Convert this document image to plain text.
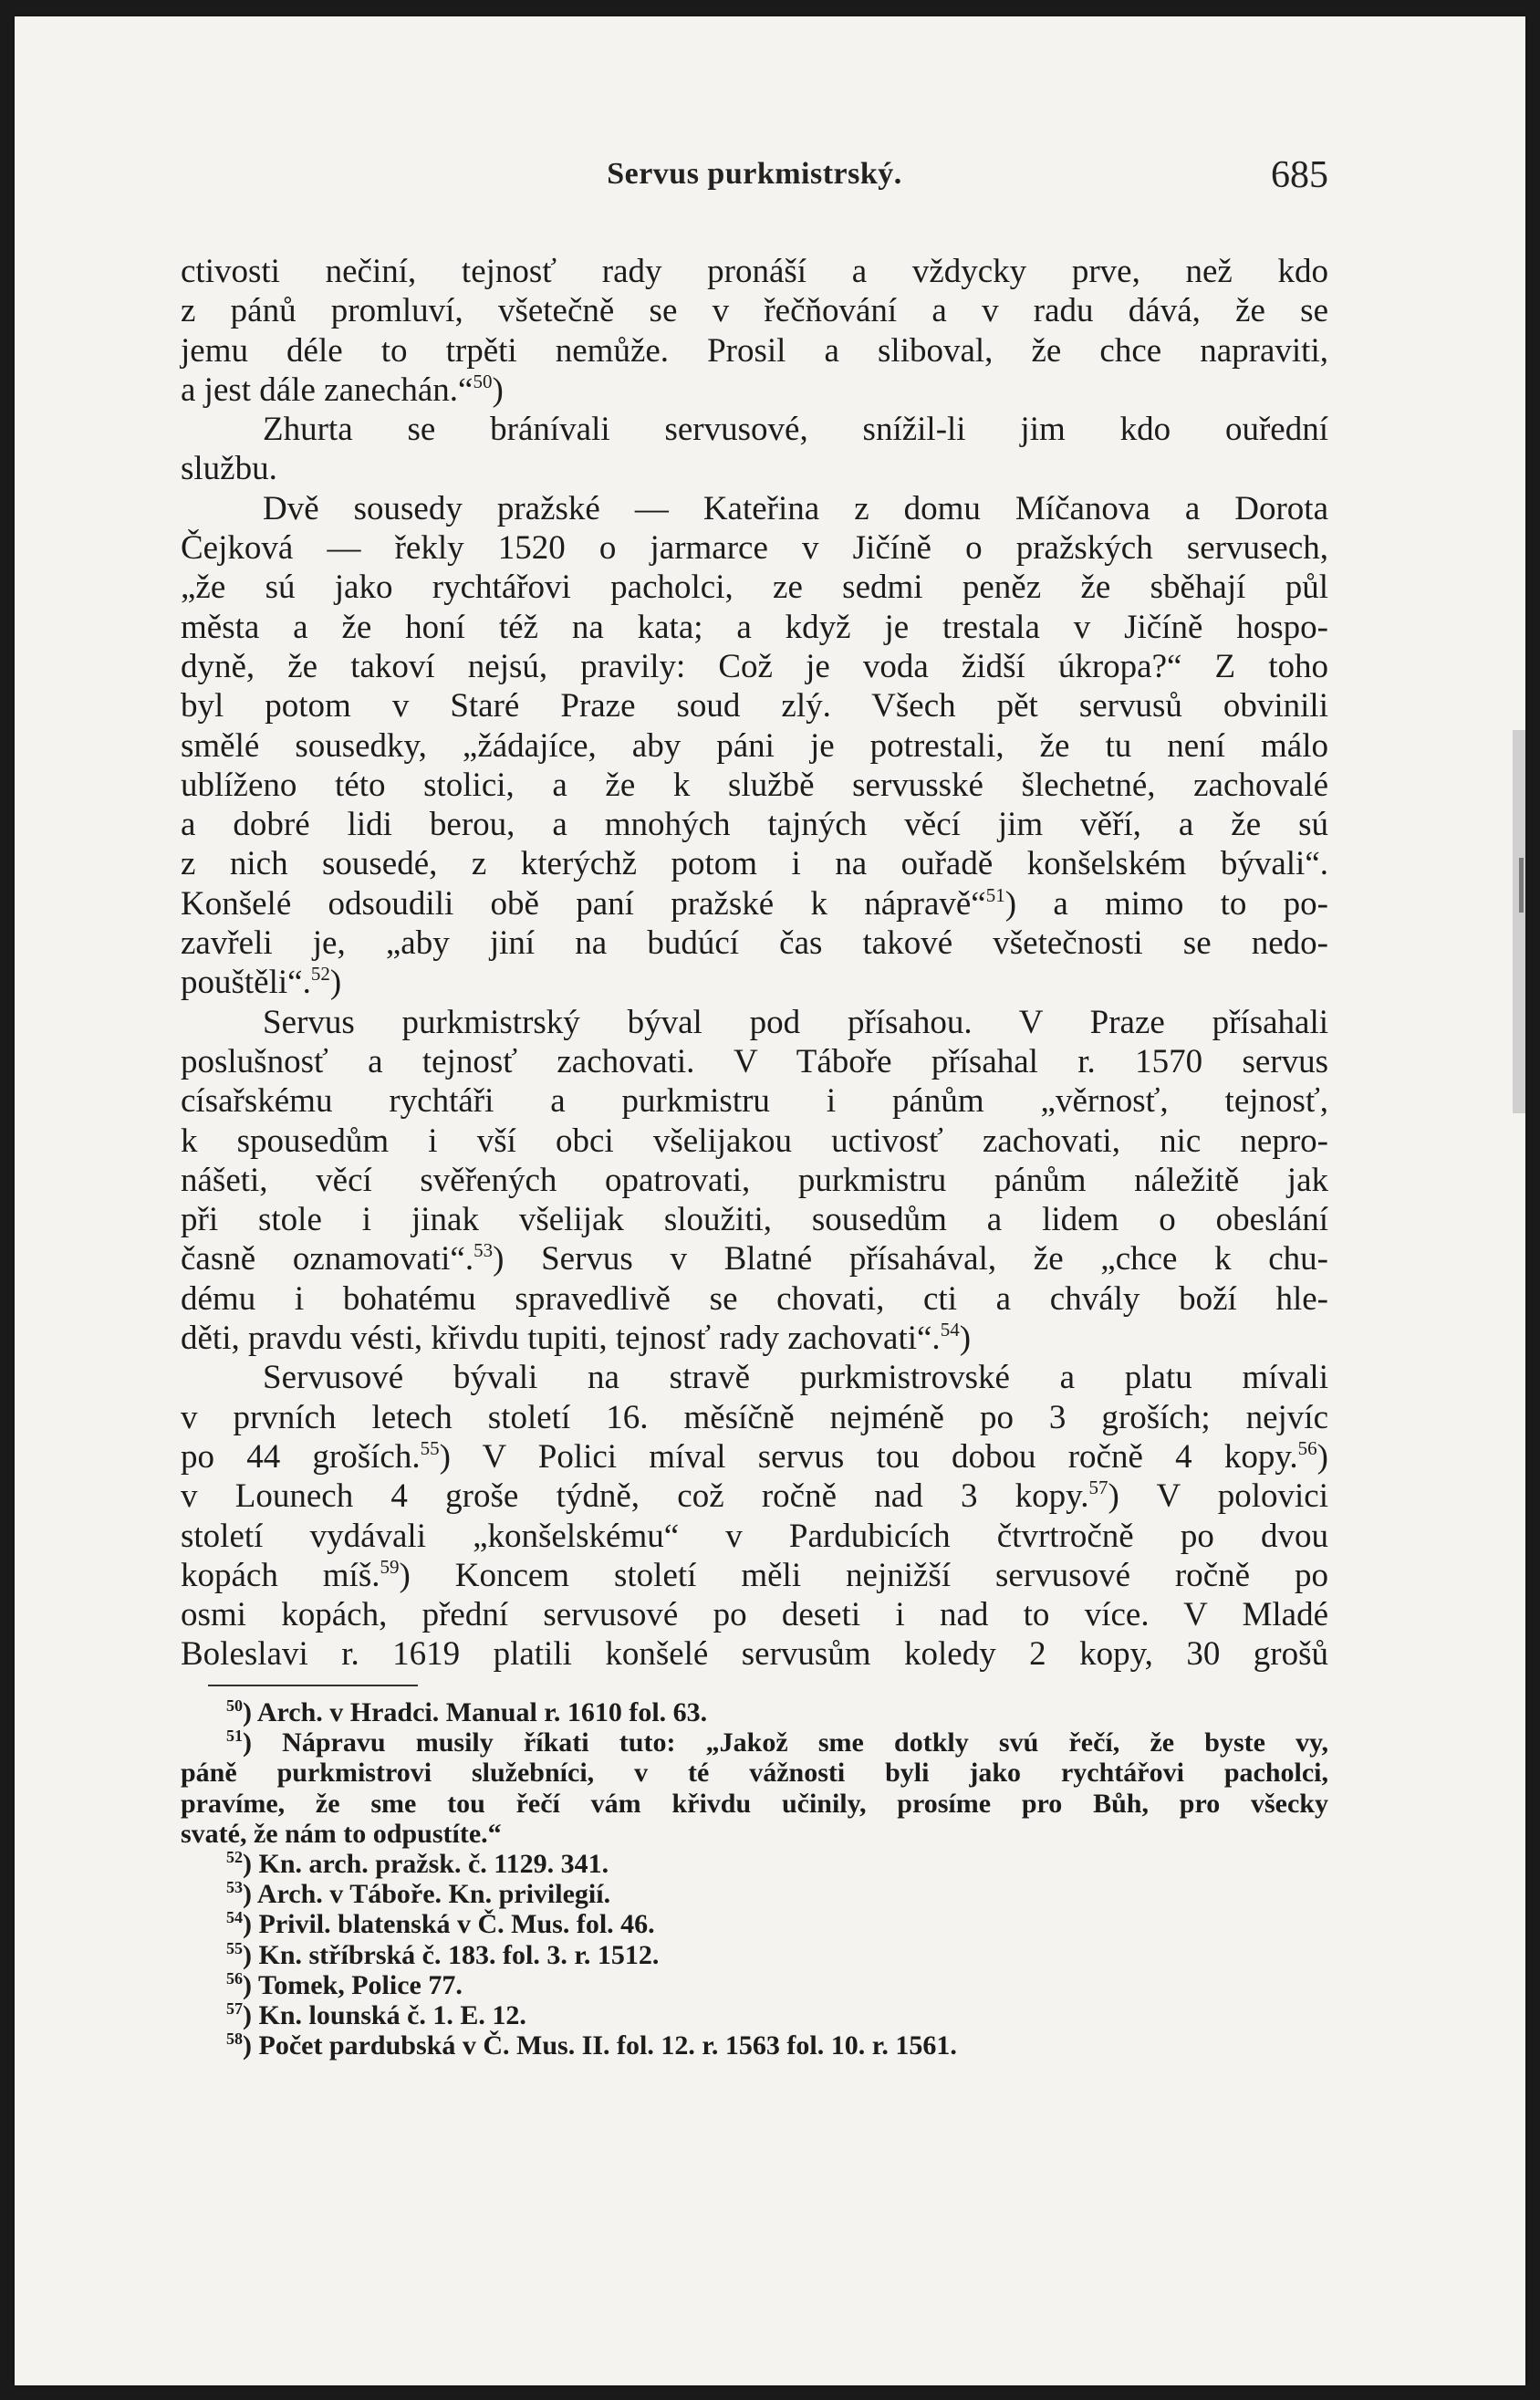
Servus purkmistrský.	685
ctivosti nečiní, tejnosť rady pronáší a vždycky prve, než kdo
z pánů promluví, všetečně se v řečňování a v radu dává, že se
jemu déle to trpěti nemůže. Prosil a sliboval, že chce napraviti,
a jest dále zanechán.“$^{50}$)
Zhurta se bránívali servusové, snížil-li jim kdo ouřední
službu.
Dvě sousedy pražské — Kateřina z domu Míčanova a Dorota
Čejková — řekly 1520 o jarmarce v Jičíně o pražských servusech,
„že sú jako rychtářovi pacholci, ze sedmi peněz že sběhají půl
města a že honí též na kata; a když je trestala v Jičíně hospo-
dyně, že takoví nejsú, pravily: Což je voda židší úkropa?“ Z toho
byl potom v Staré Praze soud zlý. Všech pět servusů obvinili
smělé sousedky, „žádajíce, aby páni je potrestali, že tu není málo
ublíženo této stolici, a že k službě servusské šlechetné, zachovalé
a dobré lidi berou, a mnohých tajných věcí jim věří, a že sú
z nich sousedé, z kterýchž potom i na ouřadě konšelském bývali“.
Konšelé odsoudili obě paní pražské k nápravě“$^{51}$) a mimo to po-
zavřeli je, „aby jiní na budúcí čas takové všetečnosti se nedo-
pouštěli“.$^{52}$)
Servus purkmistrský býval pod přísahou. V Praze přísahali
poslušnosť a tejnosť zachovati. V Táboře přísahal r. 1570 servus
císařskému rychtáři a purkmistru i pánům „věrnosť, tejnosť,
k spousedům i vší obci všelijakou uctivosť zachovati, nic nepro-
nášeti, věcí svěřených opatrovati, purkmistru pánům náležitě jak
při stole i jinak všelijak sloužiti, sousedům a lidem o obeslání
časně oznamovati“.$^{53}$) Servus v Blatné přísahával, že „chce k chu-
dému i bohatému spravedlivě se chovati, cti a chvály boží hle-
děti, pravdu vésti, křivdu tupiti, tejnosť rady zachovati“.$^{54}$)
Servusové bývali na stravě purkmistrovské a platu mívali
v prvních letech století 16. měsíčně nejméně po 3 groších; nejvíc
po 44 groších.$^{55}$) V Polici míval servus tou dobou ročně 4 kopy.$^{56}$)
v Lounech 4 groše týdně, což ročně nad 3 kopy.$^{57}$) V polovici
století vydávali „konšelskému“ v Pardubicích čtvrtročně po dvou
kopách míš.$^{59}$) Koncem století měli nejnižší servusové ročně po
osmi kopách, přední servusové po deseti i nad to více. V Mladé
Boleslavi r. 1619 platili konšelé servusům koledy 2 kopy, 30 grošů
$^{50}$) Arch. v Hradci. Manual r. 1610 fol. 63.
$^{51}$) Nápravu musily říkati tuto: „Jakož sme dotkly svú řečí, že byste vy,
páně purkmistrovi služebníci, v té vážnosti byli jako rychtářovi pacholci,
pravíme, že sme tou řečí vám křivdu učinily, prosíme pro Bůh, pro všecky
svaté, že nám to odpustíte.“
$^{52}$) Kn. arch. pražsk. č. 1129. 341.
$^{53}$) Arch. v Táboře. Kn. privilegií.
$^{54}$) Privil. blatenská v Č. Mus. fol. 46.
$^{55}$) Kn. stříbrská č. 183. fol. 3. r. 1512.
$^{56}$) Tomek, Police 77.
$^{57}$) Kn. lounská č. 1. E. 12.
$^{58}$) Počet pardubská v Č. Mus. II. fol. 12. r. 1563 fol. 10. r. 1561.
